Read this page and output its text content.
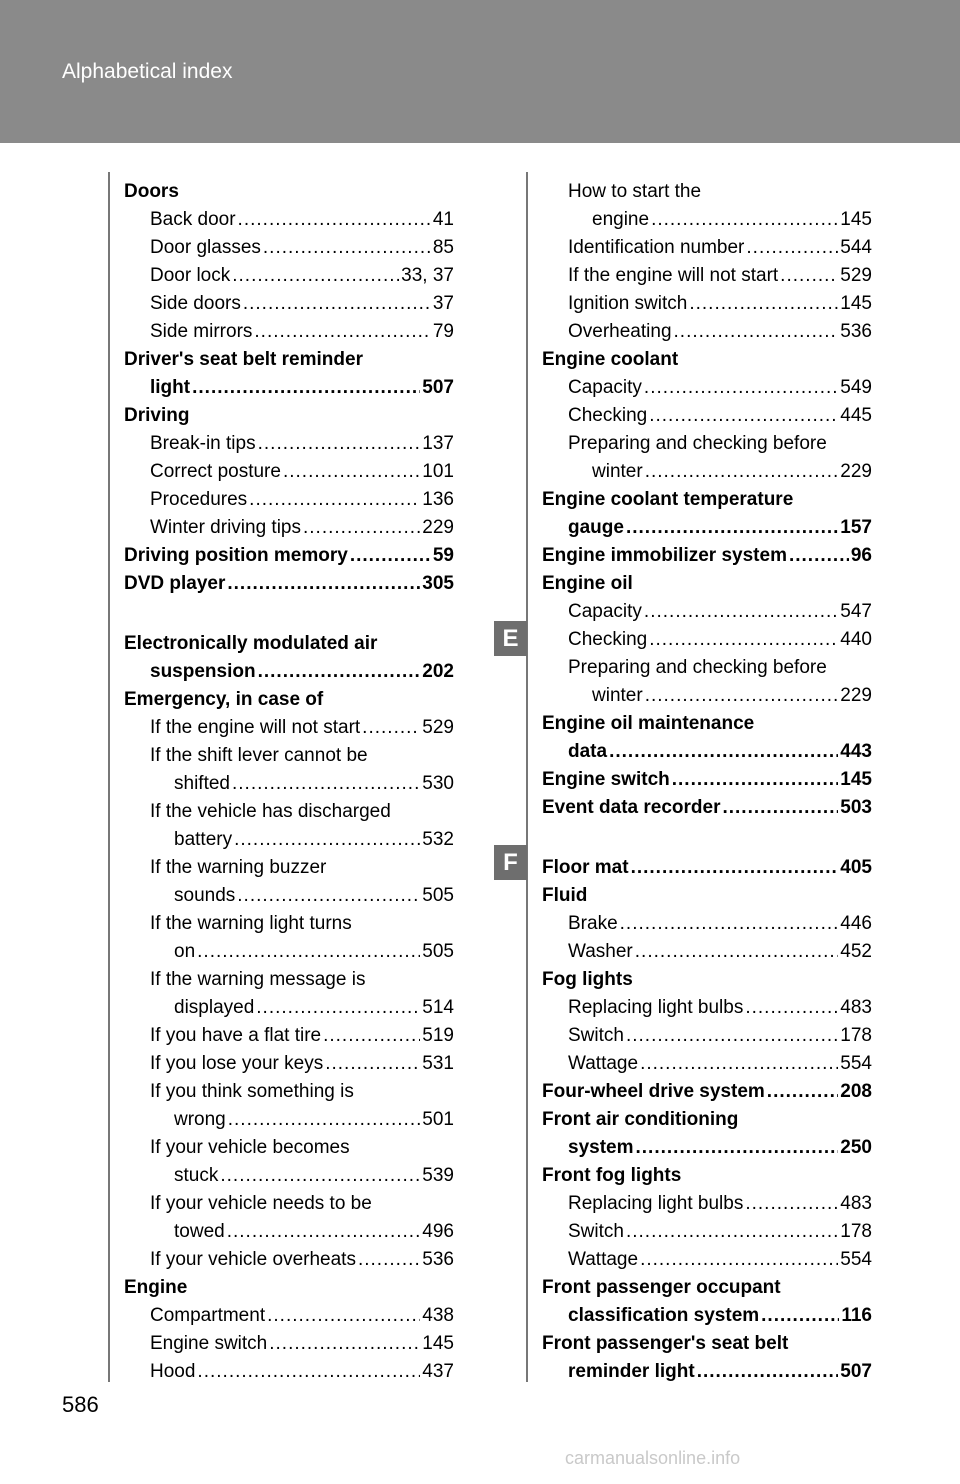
Alphabetical index
Doors
Back door .....	41
Door glasses .....	85
Door lock .....	33, 37
Side doors .....	37
Side mirrors .....	79
Driver's seat belt reminder
light .....	507
Driving
Break-in tips .....	137
Correct posture .....	101
Procedures .....	136
Winter driving tips .....	229
Driving position memory .....	59
DVD player .....	305
Electronically modulated air
suspension .....	202
Emergency, in case of
If the engine will not start .....	529
If the shift lever cannot be
shifted .....	530
If the vehicle has discharged
battery .....	532
If the warning buzzer
sounds .....	505
If the warning light turns
on .....	505
If the warning message is
displayed .....	514
If you have a flat tire .....	519
If you lose your keys .....	531
If you think something is
wrong .....	501
If your vehicle becomes
stuck .....	539
If your vehicle needs to be
towed .....	496
If your vehicle overheats .....	536
Engine
Compartment .....	438
Engine switch .....	145
Hood .....	437
How to start the
engine .....	145
Identification number .....	544
If the engine will not start .....	529
Ignition switch .....	145
Overheating .....	536
Engine coolant
Capacity .....	549
Checking .....	445
Preparing and checking before
winter .....	229
Engine coolant temperature
gauge .....	157
Engine immobilizer system .....	96
Engine oil
Capacity .....	547
Checking .....	440
Preparing and checking before
winter .....	229
Engine oil maintenance
data .....	443
Engine switch .....	145
Event data recorder .....	503
Floor mat .....	405
Fluid
Brake .....	446
Washer .....	452
Fog lights
Replacing light bulbs .....	483
Switch .....	178
Wattage .....	554
Four-wheel drive system .....	208
Front air conditioning
system .....	250
Front fog lights
Replacing light bulbs .....	483
Switch .....	178
Wattage .....	554
Front passenger occupant
classification system .....	116
Front passenger's seat belt
reminder light .....	507
E
F
586
carmanualsonline.info
